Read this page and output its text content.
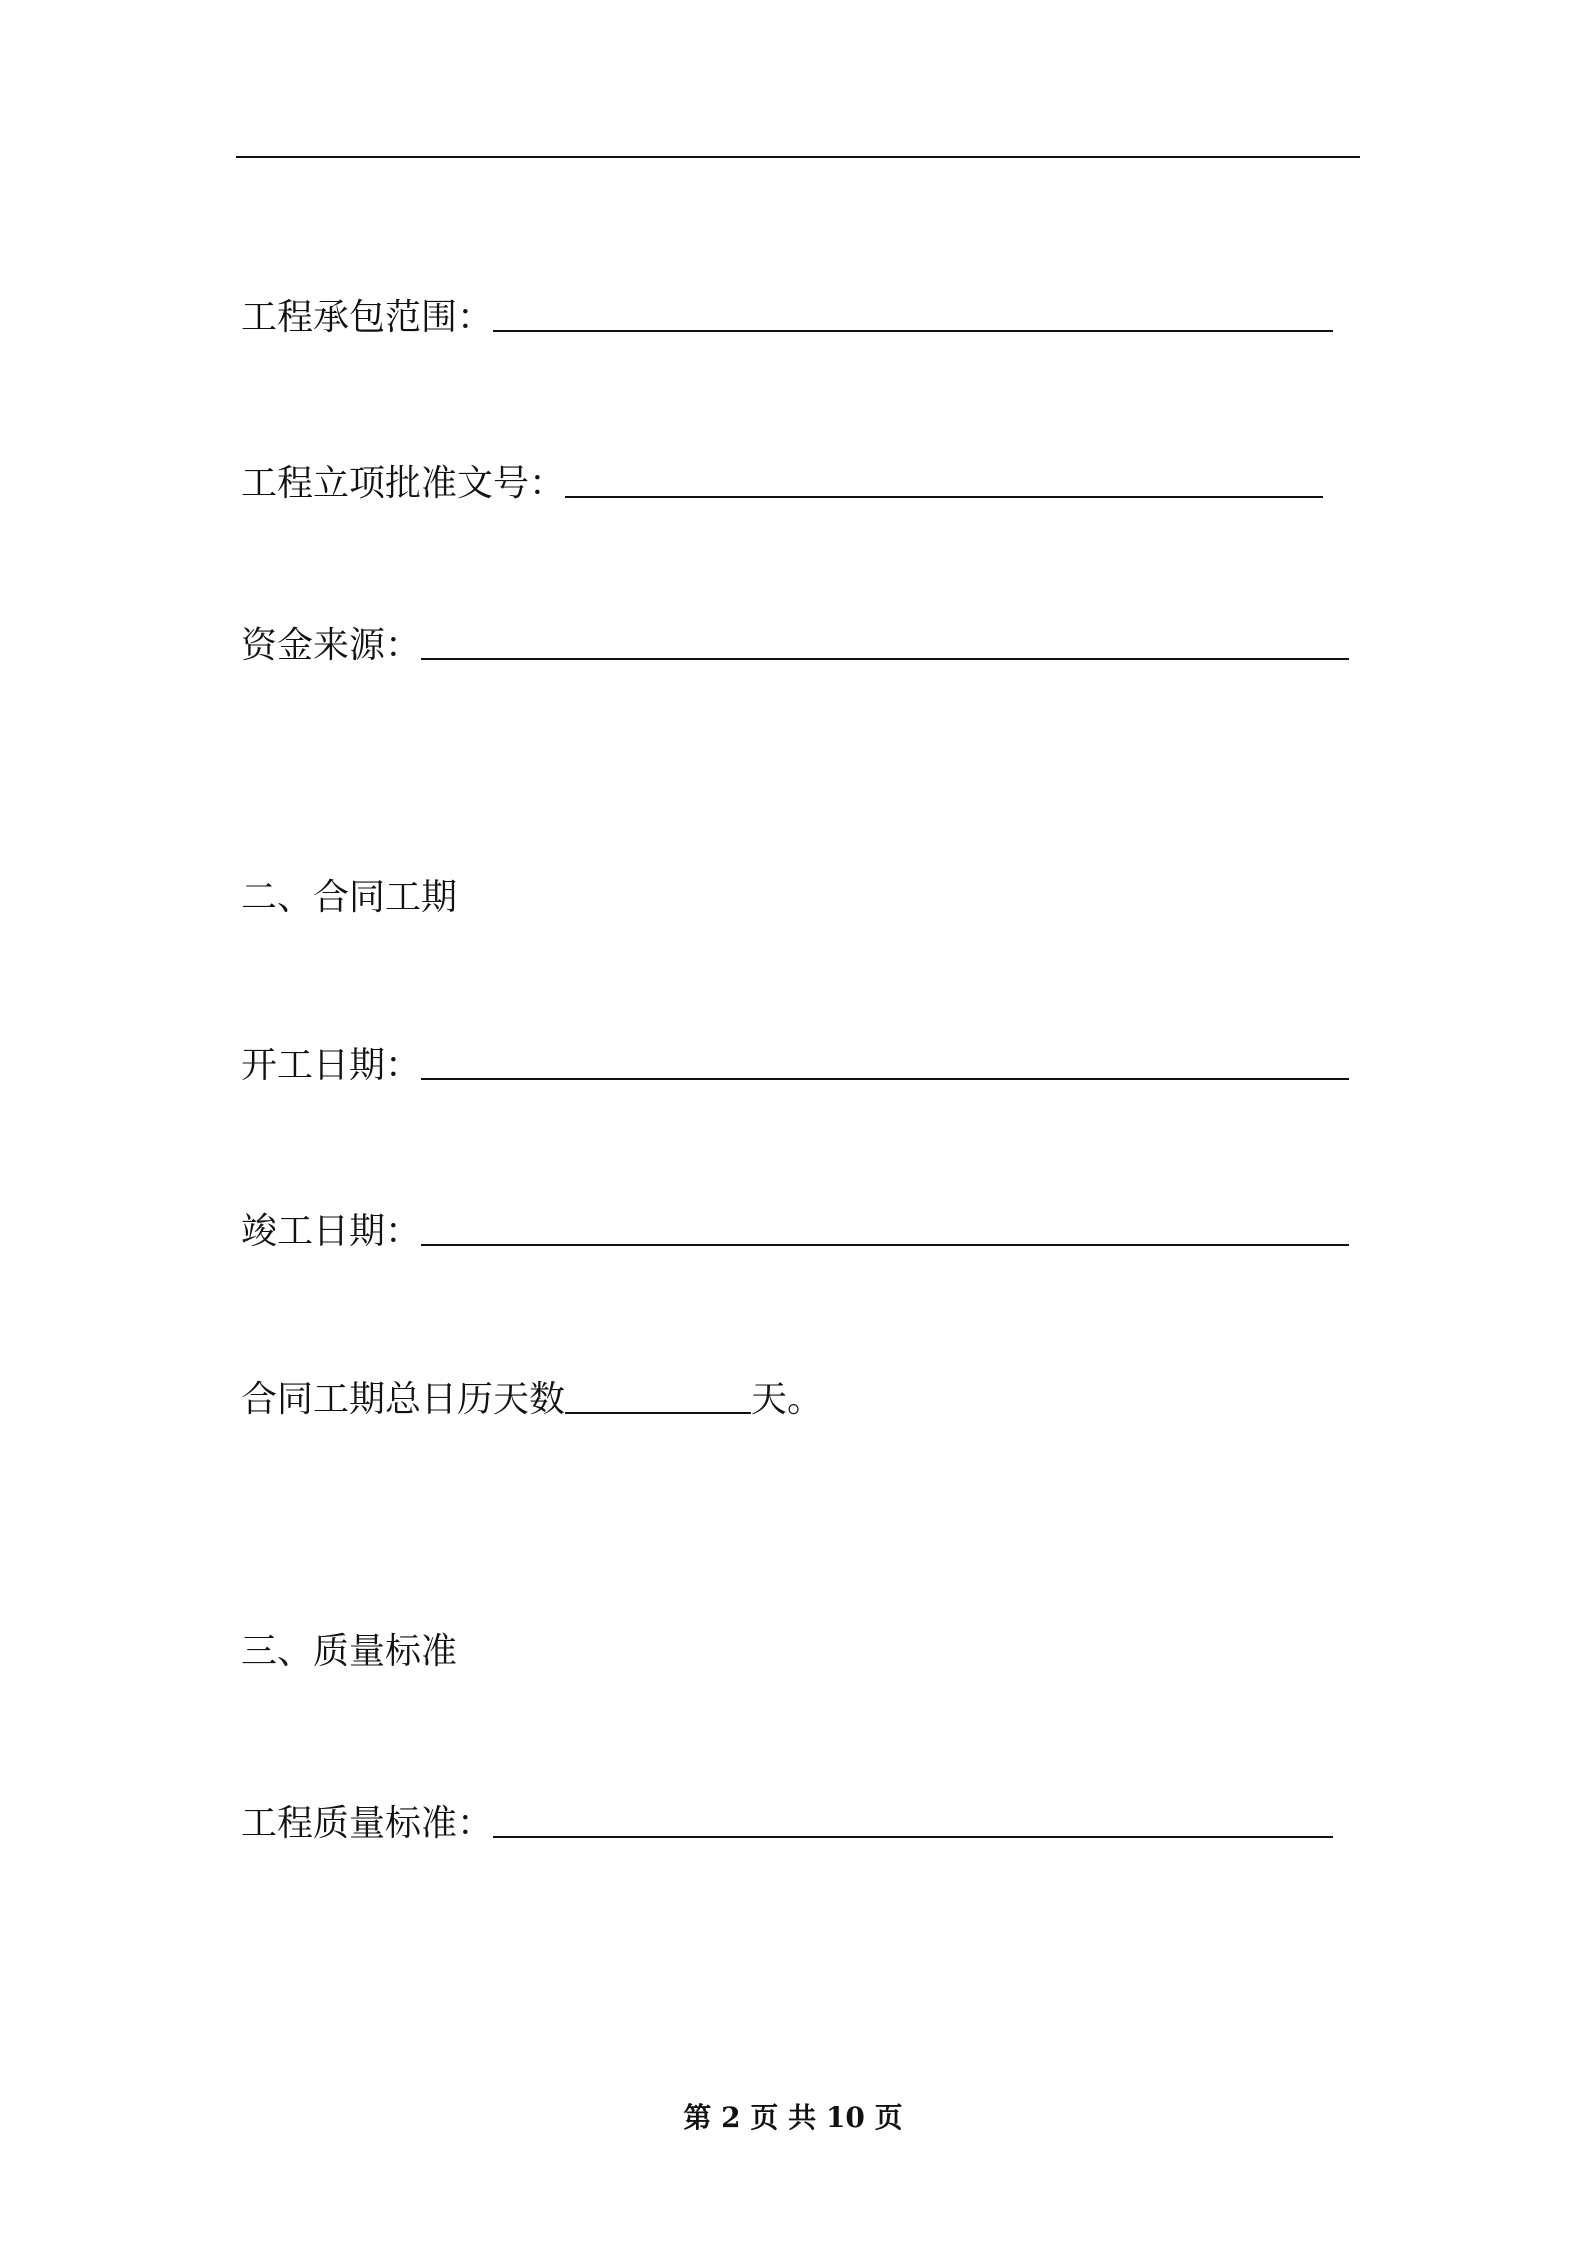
工程承包范围：
工程立项批准文号：
资金来源：
二、合同工期
开工日期：
竣工日期：
合同工期总日历天数	天。
三、质量标准
工程质量标准：
第 2 页 共 10 页
